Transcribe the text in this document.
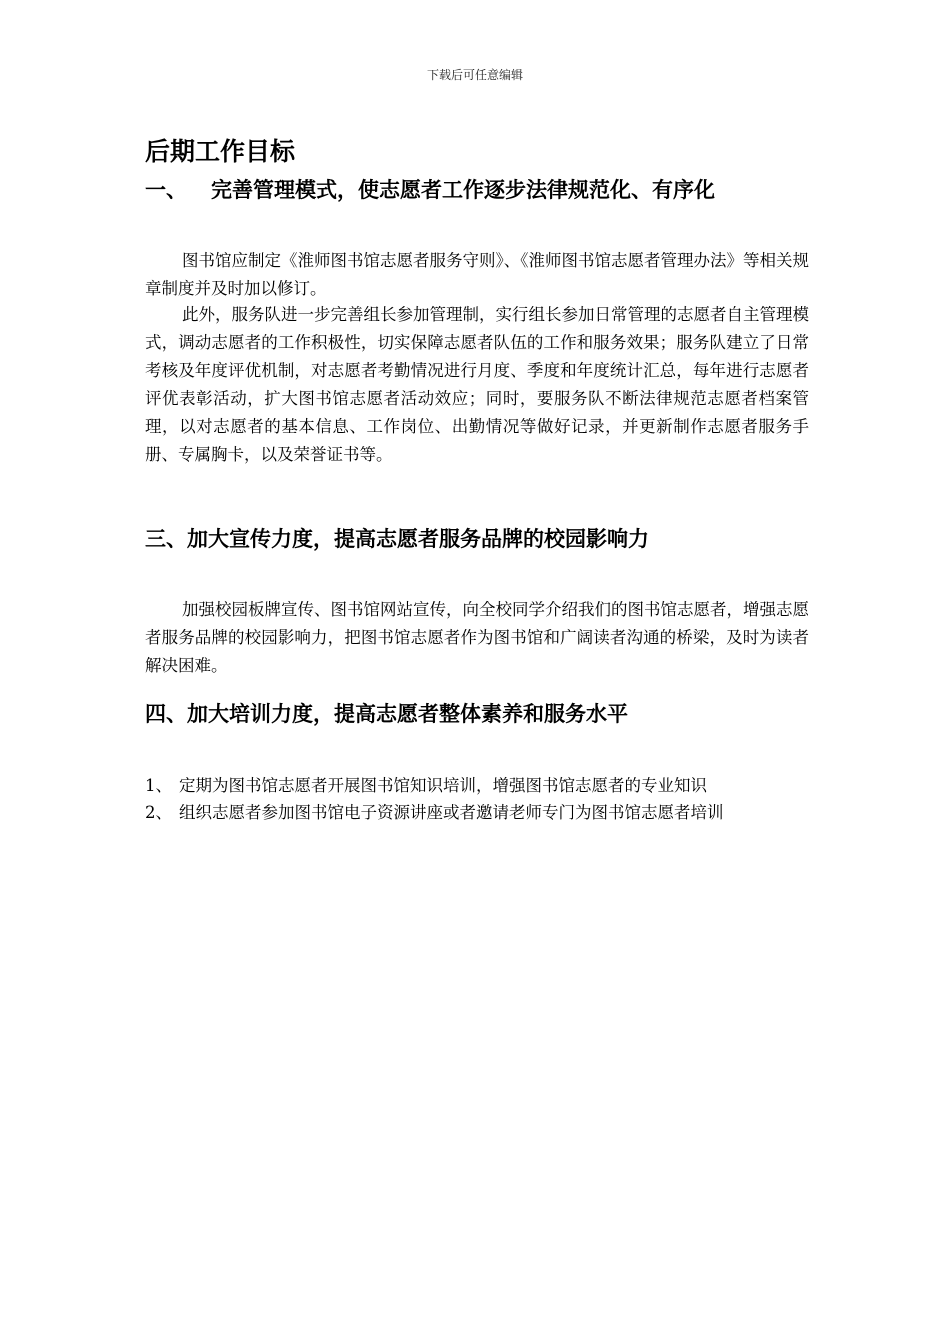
下载后可任意编辑
后期工作目标
一、 完善管理模式，使志愿者工作逐步法律规范化、有序化
图书馆应制定《淮师图书馆志愿者服务守则》、《淮师图书馆志愿者管理办法》等相关规章制度并及时加以修订。
此外，服务队进一步完善组长参加管理制，实行组长参加日常管理的志愿者自主管理模式，调动志愿者的工作积极性，切实保障志愿者队伍的工作和服务效果；服务队建立了日常考核及年度评优机制，对志愿者考勤情况进行月度、季度和年度统计汇总，每年进行志愿者评优表彰活动，扩大图书馆志愿者活动效应；同时，要服务队不断法律规范志愿者档案管理，以对志愿者的基本信息、工作岗位、出勤情况等做好记录，并更新制作志愿者服务手册、专属胸卡，以及荣誉证书等。
三、加大宣传力度，提高志愿者服务品牌的校园影响力
加强校园板牌宣传、图书馆网站宣传，向全校同学介绍我们的图书馆志愿者，增强志愿者服务品牌的校园影响力，把图书馆志愿者作为图书馆和广阔读者沟通的桥梁，及时为读者解决困难。
四、加大培训力度，提高志愿者整体素养和服务水平
1、 定期为图书馆志愿者开展图书馆知识培训，增强图书馆志愿者的专业知识
2、 组织志愿者参加图书馆电子资源讲座或者邀请老师专门为图书馆志愿者培训
